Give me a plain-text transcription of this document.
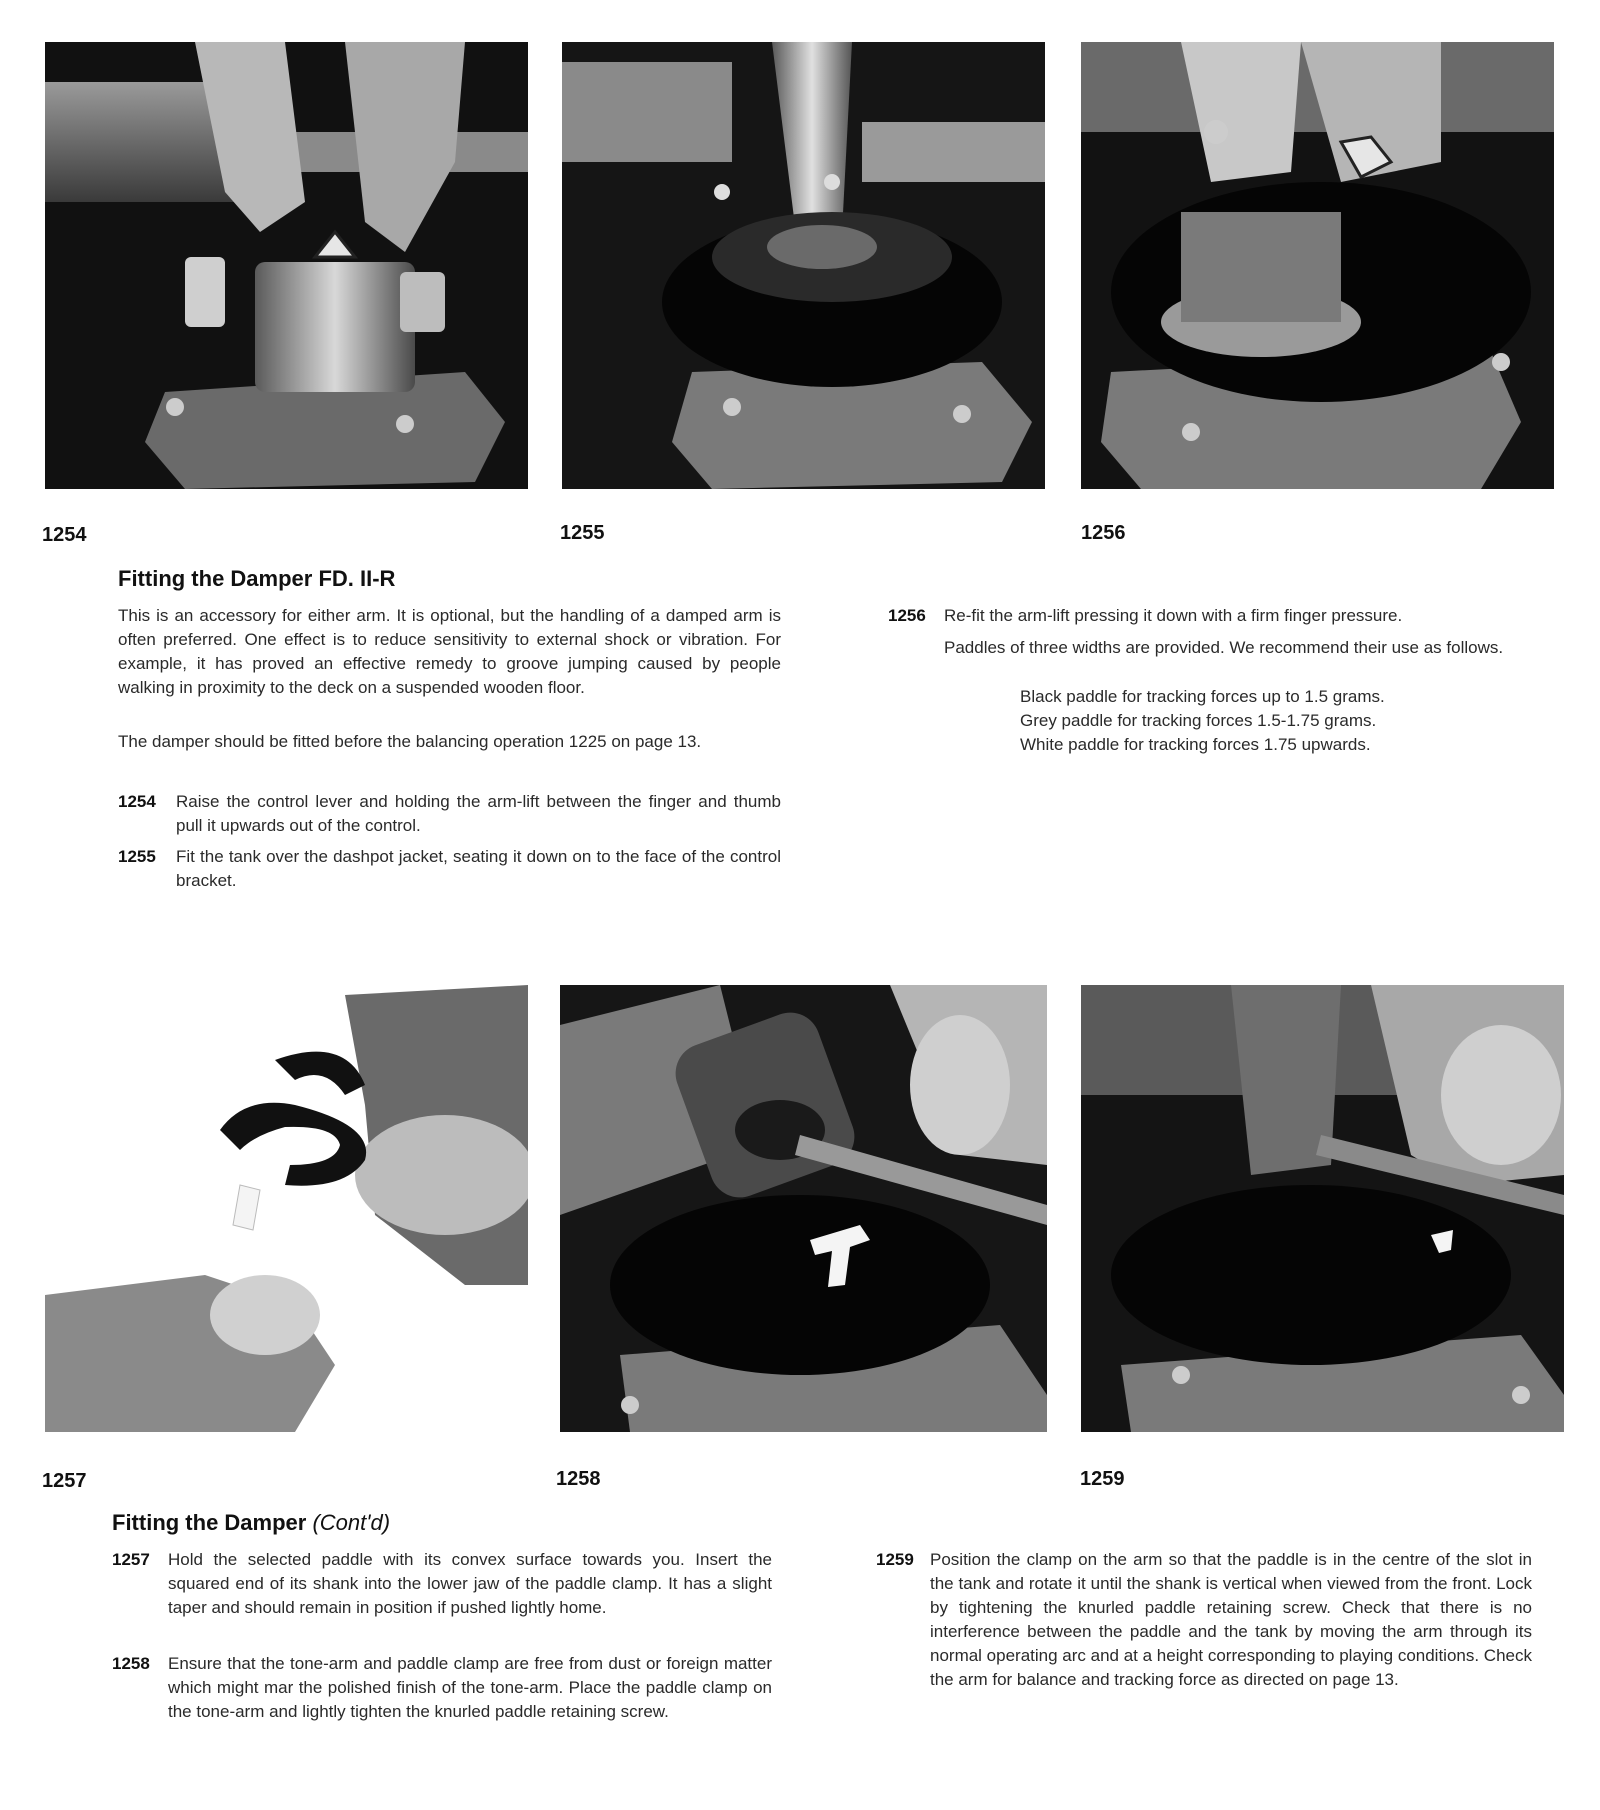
1254	1255	1256
Fitting the Damper FD. II-R

This is an accessory for either arm. It is optional, but the handling of a damped arm is often preferred. One effect is to reduce sensitivity to external shock or vibration. For example, it has proved an effective remedy to groove jumping caused by people walking in proximity to the deck on a suspended wooden floor.

The damper should be fitted before the balancing operation 1225 on page 13.

1254 Raise the control lever and holding the arm-lift between the finger and thumb pull it upwards out of the control.
1255 Fit the tank over the dashpot jacket, seating it down on to the face of the control bracket.
1256 Re-fit the arm-lift pressing it down with a firm finger pressure.

Paddles of three widths are provided. We recommend their use as follows.

Black paddle for tracking forces up to 1.5 grams.
Grey paddle for tracking forces 1.5-1.75 grams.
White paddle for tracking forces 1.75 upwards.
1257	1258	1259
Fitting the Damper (Cont'd)
1257 Hold the selected paddle with its convex surface towards you. Insert the squared end of its shank into the lower jaw of the paddle clamp. It has a slight taper and should remain in position if pushed lightly home.
1258 Ensure that the tone-arm and paddle clamp are free from dust or foreign matter which might mar the polished finish of the tone-arm. Place the paddle clamp on the tone-arm and lightly tighten the knurled paddle retaining screw.
1259 Position the clamp on the arm so that the paddle is in the centre of the slot in the tank and rotate it until the shank is vertical when viewed from the front. Lock by tightening the knurled paddle retaining screw. Check that there is no interference between the paddle and the tank by moving the arm through its normal operating arc and at a height corresponding to playing conditions. Check the arm for balance and tracking force as directed on page 13.
